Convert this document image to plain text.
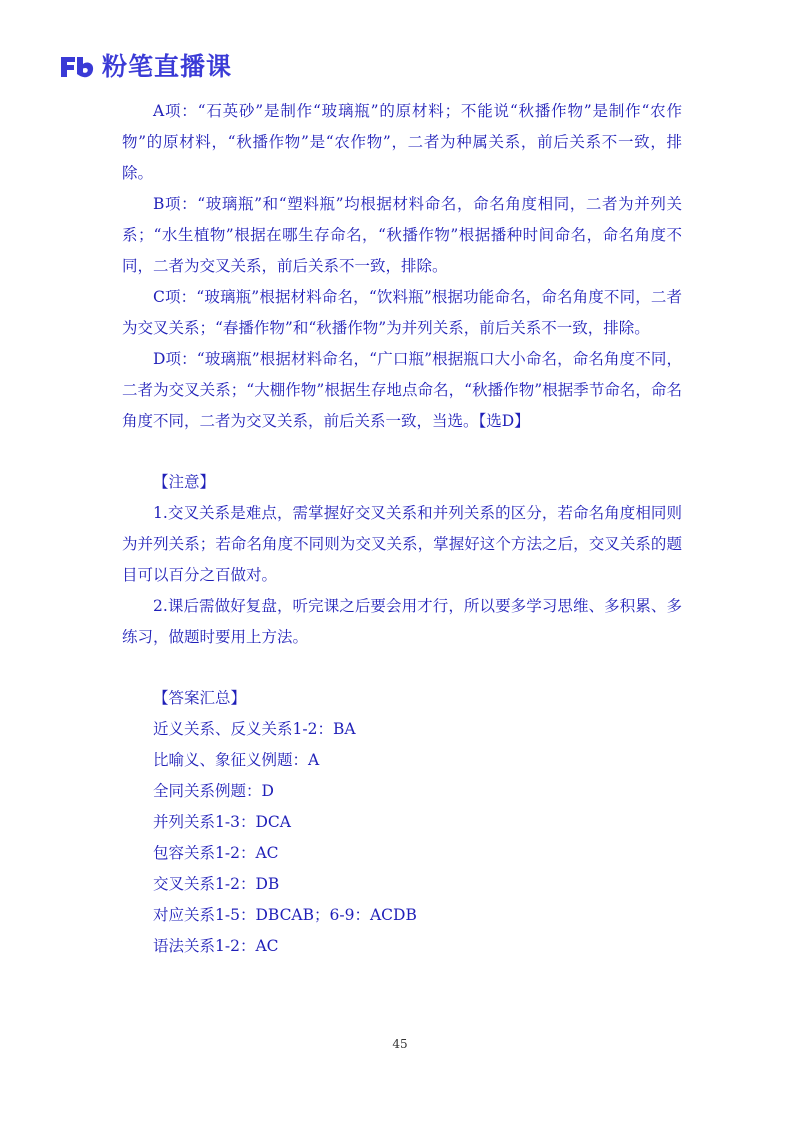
粉笔直播课

A项：“石英砂”是制作“玻璃瓶”的原材料；不能说“秋播作物”是制作“农作物”的原材料，“秋播作物”是“农作物”，二者为种属关系，前后关系不一致，排除。

B项：“玻璃瓶”和“塑料瓶”均根据材料命名，命名角度相同，二者为并列关系；“水生植物”根据在哪生存命名，“秋播作物”根据播种时间命名，命名角度不同，二者为交叉关系，前后关系不一致，排除。

C项：“玻璃瓶”根据材料命名，“饮料瓶”根据功能命名，命名角度不同，二者为交叉关系；“春播作物”和“秋播作物”为并列关系，前后关系不一致，排除。

D项：“玻璃瓶”根据材料命名，“广口瓶”根据瓶口大小命名，命名角度不同，二者为交叉关系；“大棚作物”根据生存地点命名，“秋播作物”根据季节命名，命名角度不同，二者为交叉关系，前后关系一致，当选。【选D】

【注意】

1.交叉关系是难点，需掌握好交叉关系和并列关系的区分，若命名角度相同则为并列关系；若命名角度不同则为交叉关系，掌握好这个方法之后，交叉关系的题目可以百分之百做对。

2.课后需做好复盘，听完课之后要会用才行，所以要多学习思维、多积累、多练习，做题时要用上方法。

【答案汇总】

近义关系、反义关系1-2：BA

比喻义、象征义例题：A

全同关系例题：D

并列关系1-3：DCA

包容关系1-2：AC

交叉关系1-2：DB

对应关系1-5：DBCAB；6-9：ACDB

语法关系1-2：AC

45
